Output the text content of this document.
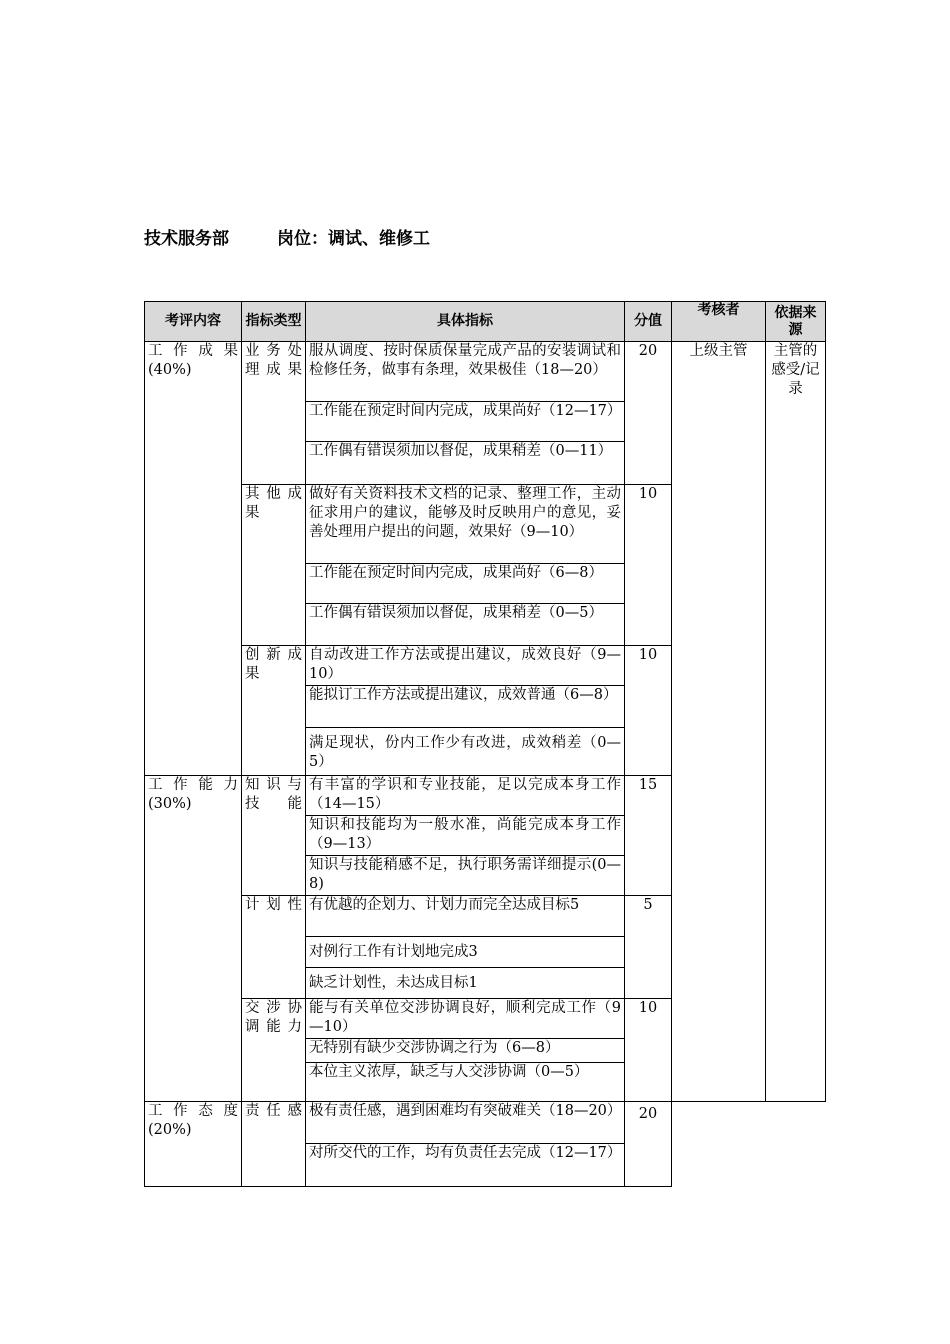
技术服务部	岗位：调试、维修工
考评内容	指标类型	具体指标	分值	考核者	依据来源

工作成果
(40%)	业务处理成果	服从调度、按时保质保量完成产品的安装调试和检修任务，做事有条理，效果极佳（18—20）	20	上级主管	主管的感受/记录
		工作能在预定时间内完成，成果尚好（12—17）			
		工作偶有错误须加以督促，成果稍差（0—11）			

	其他成果	做好有关资料技术文档的记录、整理工作，主动征求用户的建议，能够及时反映用户的意见，妥善处理用户提出的问题，效果好（9—10）	10		
		工作能在预定时间内完成，成果尚好（6—8）			
		工作偶有错误须加以督促，成果稍差（0—5）			

	创新成果	自动改进工作方法或提出建议，成效良好（9—10）	10		
		能拟订工作方法或提出建议，成效普通（6—8）			
		满足现状，份内工作少有改进，成效稍差（0—5）			

工作能力
(30%)	知识与技能	有丰富的学识和专业技能，足以完成本身工作（14—15）	15		
		知识和技能均为一般水准，尚能完成本身工作（9—13）			
		知识与技能稍感不足，执行职务需详细提示(0—8)			

	计划性	有优越的企划力、计划力而完全达成目标5	5		
		对例行工作有计划地完成3			
		缺乏计划性，未达成目标1			

	交涉协调能力	能与有关单位交涉协调良好，顺利完成工作（9—10）	10		
		无特别有缺少交涉协调之行为（6—8）			
		本位主义浓厚，缺乏与人交涉协调（0—5）			

工作态度
(20%)	责任感	极有责任感，遇到困难均有突破难关（18—20）	20		
		对所交代的工作，均有负责任去完成（12—17）			
